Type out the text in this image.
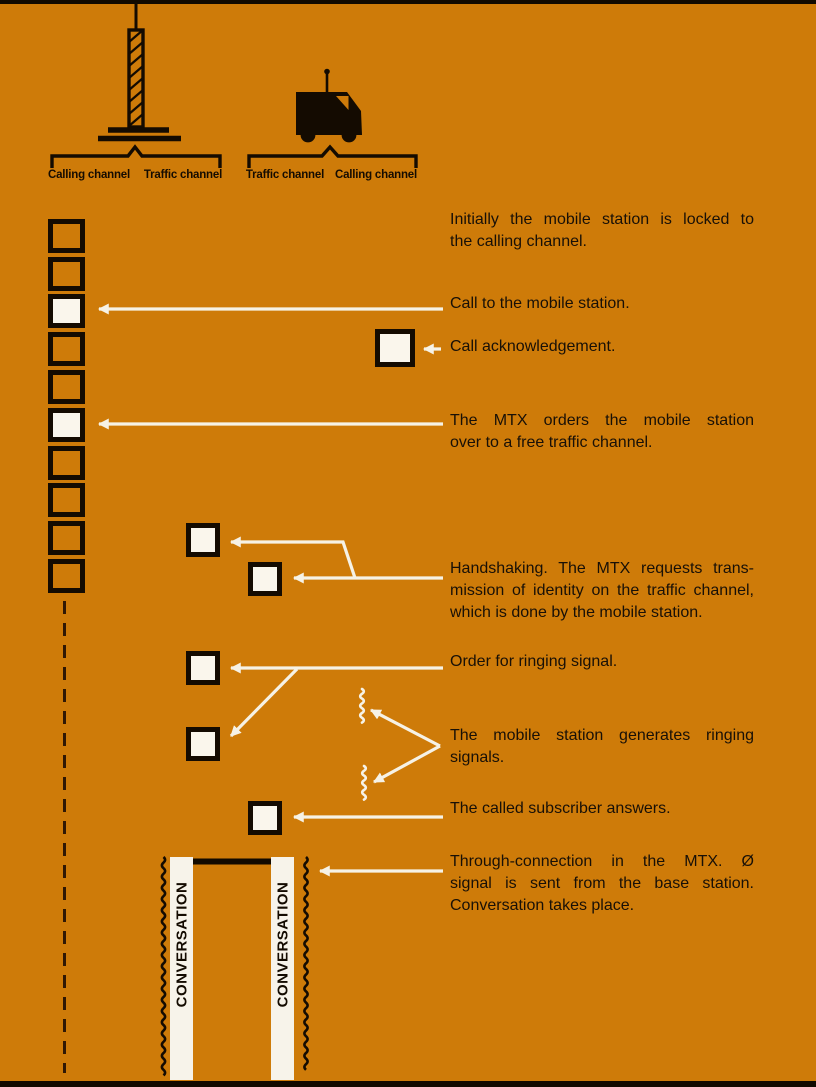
Calling channel Traffic channel Traffic channel Calling channel
Initially the mobile station is locked to
the calling channel.
Call to the mobile station.
Call acknowledgement.
The MTX orders the mobile station
over to a free traffic channel.
Handshaking. The MTX requests trans-
mission of identity on the traffic channel,
which is done by the mobile station.
Order for ringing signal.
The mobile station generates ringing
signals.
The called subscriber answers.
Through-connection in the MTX. Ø
signal is sent from the base station.
Conversation takes place.
CONVERSATION	CONVERSATION
